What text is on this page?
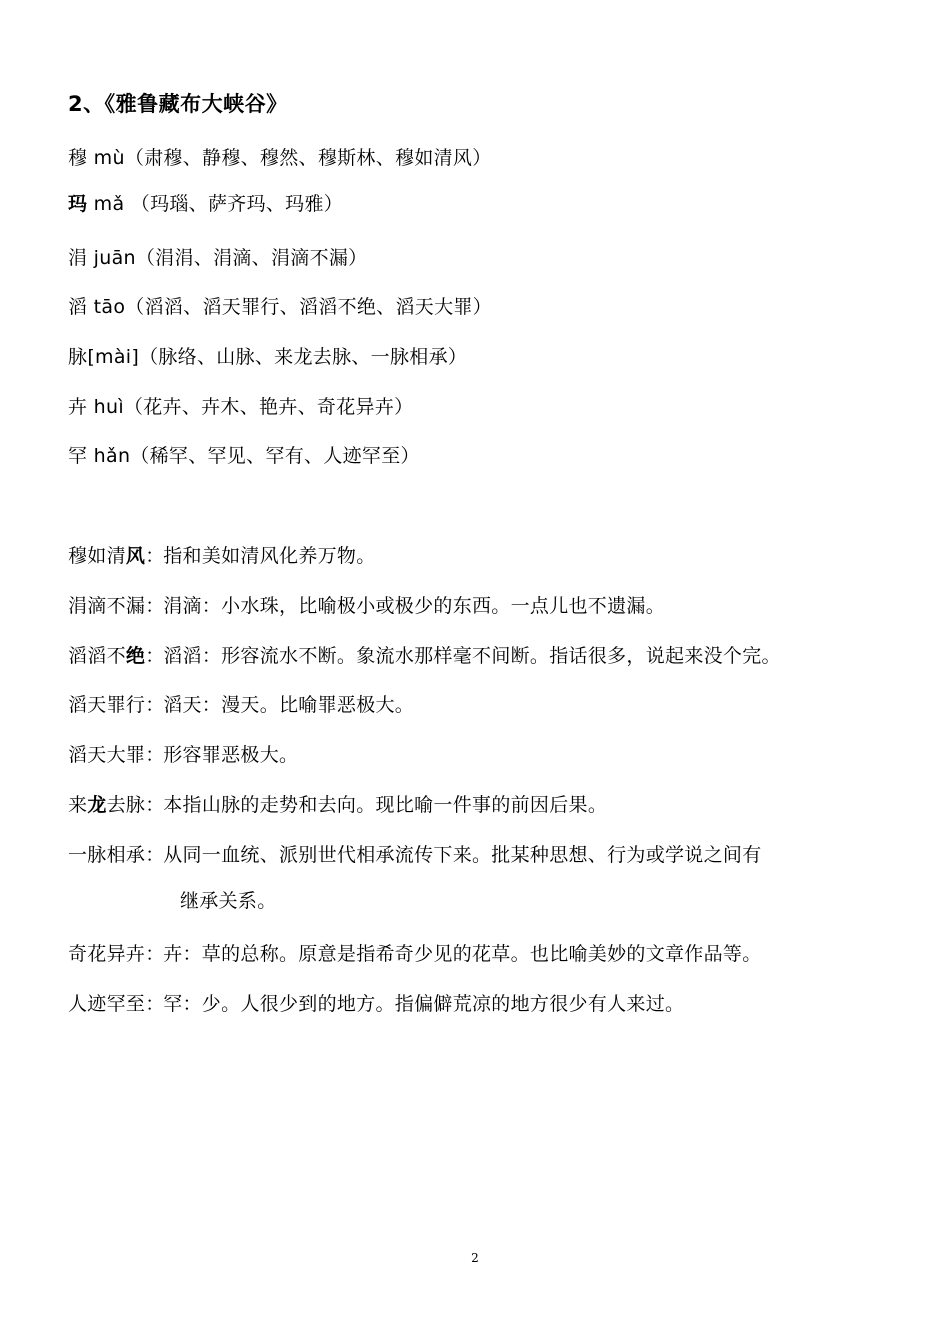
2、《雅鲁藏布大峡谷》
穆 mù（肃穆、静穆、穆然、穆斯林、穆如清风）
玛 mǎ （玛瑙、萨齐玛、玛雅）
涓 juān（涓涓、涓滴、涓滴不漏）
滔 tāo（滔滔、滔天罪行、滔滔不绝、滔天大罪）
脉[mài]（脉络、山脉、来龙去脉、一脉相承）
卉 huì（花卉、卉木、艳卉、奇花异卉）
罕 hǎn（稀罕、罕见、罕有、人迹罕至）
穆如清风：指和美如清风化养万物。
涓滴不漏：涓滴：小水珠，比喻极小或极少的东西。一点儿也不遗漏。
滔滔不绝：滔滔：形容流水不断。象流水那样毫不间断。指话很多，说起来没个完。
滔天罪行：滔天：漫天。比喻罪恶极大。
滔天大罪：形容罪恶极大。
来龙去脉：本指山脉的走势和去向。现比喻一件事的前因后果。
一脉相承：从同一血统、派别世代相承流传下来。批某种思想、行为或学说之间有
继承关系。
奇花异卉：卉：草的总称。原意是指希奇少见的花草。也比喻美妙的文章作品等。
人迹罕至：罕：少。人很少到的地方。指偏僻荒凉的地方很少有人来过。
2
